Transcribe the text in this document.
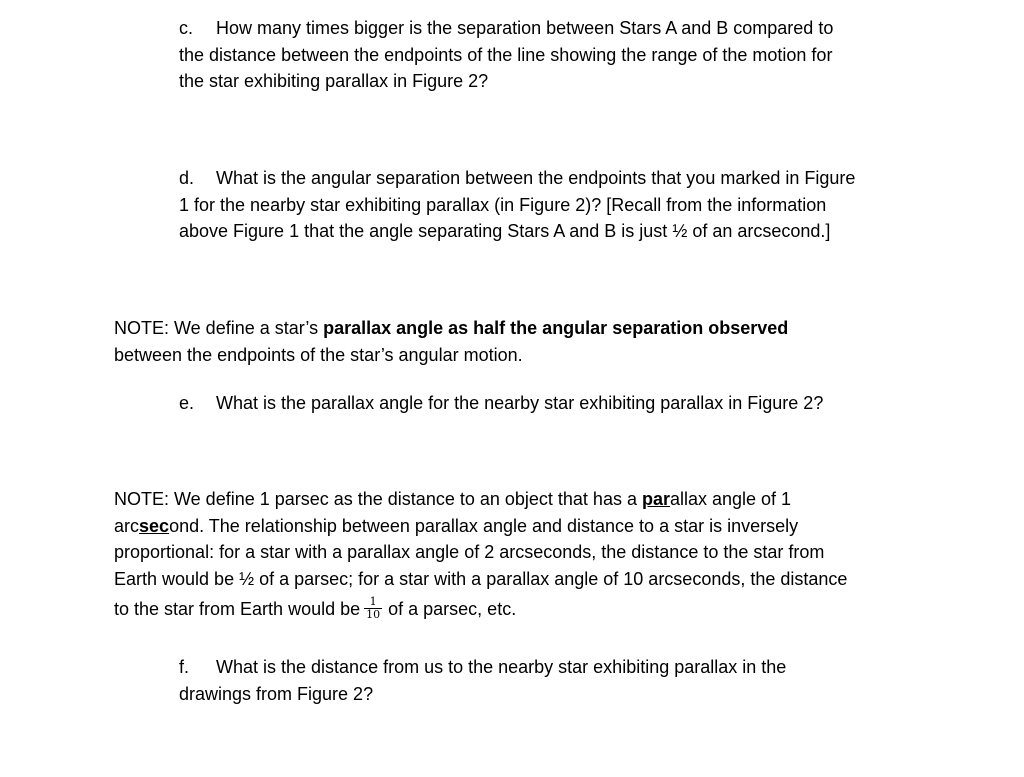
c. How many times bigger is the separation between Stars A and B compared to
the distance between the endpoints of the line showing the range of the motion for
the star exhibiting parallax in Figure 2?
d. What is the angular separation between the endpoints that you marked in Figure
1 for the nearby star exhibiting parallax (in Figure 2)? [Recall from the information
above Figure 1 that the angle separating Stars A and B is just ½ of an arcsecond.]
NOTE: We define a star’s parallax angle as half the angular separation observed
between the endpoints of the star’s angular motion.
e. What is the parallax angle for the nearby star exhibiting parallax in Figure 2?
NOTE: We define 1 parsec as the distance to an object that has a parallax angle of 1
arcsecond. The relationship between parallax angle and distance to a star is inversely
proportional: for a star with a parallax angle of 2 arcseconds, the distance to the star from
Earth would be ½ of a parsec; for a star with a parallax angle of 10 arcseconds, the distance
to the star from Earth would be $\frac{1}{10}$ of a parsec, etc.
f. What is the distance from us to the nearby star exhibiting parallax in the
drawings from Figure 2?
